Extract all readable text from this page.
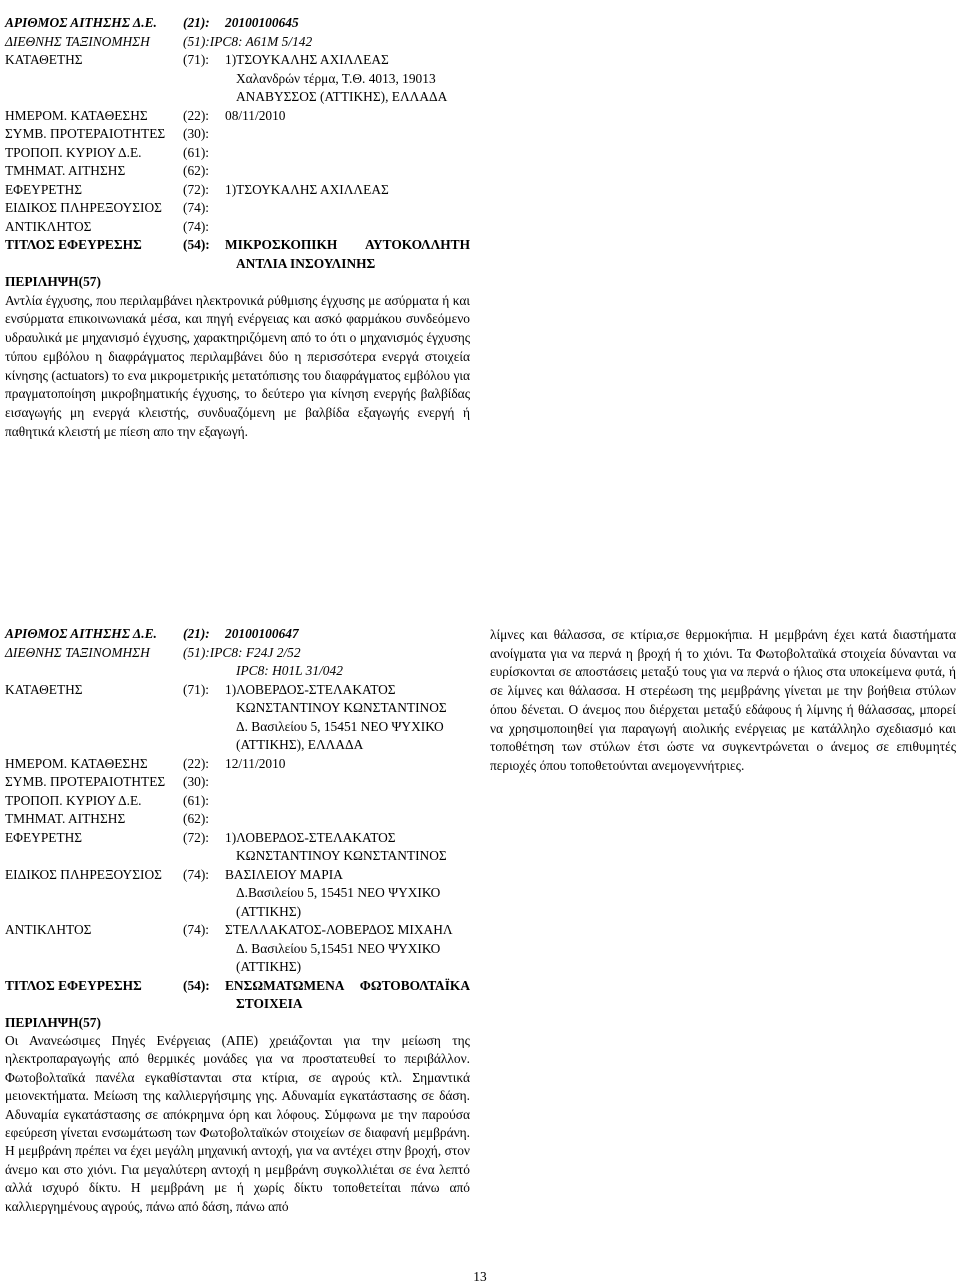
ΑΡΙΘΜΟΣ ΑΙΤΗΣΗΣ Δ.Ε. (21): 20100100645
ΔΙΕΘΝΗΣ ΤΑΞΙΝΟΜΗΣΗ (51):IPC8: A61M 5/142
ΚΑΤΑΘΕΤΗΣ	(71): 1)ΤΣΟΥΚΑΛΗΣ ΑΧΙΛΛΕΑΣ
Χαλανδρών τέρμα, Τ.Θ. 4013, 19013
ΑΝΑΒΥΣΣΟΣ (ΑΤΤΙΚΗΣ), ΕΛΛΑΔΑ
ΗΜΕΡΟΜ. ΚΑΤΑΘΕΣΗΣ	(22): 08/11/2010
ΣΥΜΒ. ΠΡΟΤΕΡΑΙΟΤΗΤΕΣ (30):
ΤΡΟΠΟΠ. ΚΥΡΙΟΥ Δ.Ε.	(61):
ΤΜΗΜΑΤ. ΑΙΤΗΣΗΣ	(62):
ΕΦΕΥΡΕΤΗΣ	(72): 1)ΤΣΟΥΚΑΛΗΣ ΑΧΙΛΛΕΑΣ
ΕΙΔΙΚΟΣ ΠΛΗΡΕΞΟΥΣΙΟΣ (74):
ΑΝΤΙΚΛΗΤΟΣ	(74):
ΤΙΤΛΟΣ ΕΦΕΥΡΕΣΗΣ	(54): ΜΙΚΡΟΣΚΟΠΙΚΗ ΑΥΤΟΚΟΛΛΗΤΗ
ΑΝΤΛΙΑ ΙΝΣΟΥΛΙΝΗΣ
ΠΕΡΙΛΗΨΗ(57)

Αντλία έγχυσης, που περιλαμβάνει ηλεκτρονικά ρύθμισης έγχυσης με ασύρματα ή και ενσύρματα επικοινωνιακά μέσα, και πηγή ενέργειας και ασκό φαρμάκου συνδεόμενο υδραυλικά με μηχανισμό έγχυσης, χαρακτηριζόμενη από το ότι ο μηχανισμός έγχυσης τύπου εμβόλου η διαφράγματος περιλαμβάνει δύο η περισσότερα ενεργά στοιχεία κίνησης (actuators) το ενα μικρομετρικής μετατόπισης του διαφράγματος εμβόλου για πραγματοποίηση μικροβηματικής έγχυσης, το δεύτερο για κίνηση ενεργής βαλβίδας εισαγωγής μη ενεργά κλειστής, συνδυαζόμενη με βαλβίδα εξαγωγής ενεργή ή παθητικά κλειστή με πίεση απο την εξαγωγή.

ΑΡΙΘΜΟΣ ΑΙΤΗΣΗΣ Δ.Ε. (21): 20100100647
ΔΙΕΘΝΗΣ ΤΑΞΙΝΟΜΗΣΗ (51):IPC8: F24J 2/52
IPC8: H01L 31/042
ΚΑΤΑΘΕΤΗΣ	(71): 1)ΛΟΒΕΡΔΟΣ-ΣΤΕΛΑΚΑΤΟΣ
ΚΩΝΣΤΑΝΤΙΝΟΥ ΚΩΝΣΤΑΝΤΙΝΟΣ
Δ. Βασιλείου 5, 15451 ΝΕΟ ΨΥΧΙΚΟ
(ΑΤΤΙΚΗΣ), ΕΛΛΑΔΑ
ΗΜΕΡΟΜ. ΚΑΤΑΘΕΣΗΣ	(22): 12/11/2010
ΣΥΜΒ. ΠΡΟΤΕΡΑΙΟΤΗΤΕΣ (30):
ΤΡΟΠΟΠ. ΚΥΡΙΟΥ Δ.Ε.	(61):
ΤΜΗΜΑΤ. ΑΙΤΗΣΗΣ	(62):
ΕΦΕΥΡΕΤΗΣ	(72): 1)ΛΟΒΕΡΔΟΣ-ΣΤΕΛΑΚΑΤΟΣ
ΚΩΝΣΤΑΝΤΙΝΟΥ ΚΩΝΣΤΑΝΤΙΝΟΣ
ΕΙΔΙΚΟΣ ΠΛΗΡΕΞΟΥΣΙΟΣ (74): ΒΑΣΙΛΕΙΟΥ ΜΑΡΙΑ
Δ.Βασιλείου 5, 15451 ΝΕΟ ΨΥΧΙΚΟ
(ΑΤΤΙΚΗΣ)
ΑΝΤΙΚΛΗΤΟΣ	(74): ΣΤΕΛΛΑΚΑΤΟΣ-ΛΟΒΕΡΔΟΣ ΜΙΧΑΗΛ
Δ. Βασιλείου 5,15451 ΝΕΟ ΨΥΧΙΚΟ
(ΑΤΤΙΚΗΣ)
ΤΙΤΛΟΣ ΕΦΕΥΡΕΣΗΣ	(54): ΕΝΣΩΜΑΤΩΜΕΝΑ ΦΩΤΟΒΟΛΤΑΪΚΑ
ΣΤΟΙΧΕΙΑ
ΠΕΡΙΛΗΨΗ(57)

Οι Ανανεώσιμες Πηγές Ενέργειας (ΑΠΕ) χρειάζονται για την μείωση της ηλεκτροπαραγωγής από θερμικές μονάδες για να προστατευθεί το περιβάλλον. Φωτοβολταϊκά πανέλα εγκαθίστανται στα κτίρια, σε αγρούς κτλ. Σημαντικά μειονεκτήματα. Μείωση της καλλιεργήσιμης γης. Αδυναμία εγκατάστασης σε δάση. Αδυναμία εγκατάστασης σε απόκρημνα όρη και λόφους. Σύμφωνα με την παρούσα εφεύρεση γίνεται ενσωμάτωση των Φωτοβολταϊκών στοιχείων σε διαφανή μεμβράνη. Η μεμβράνη πρέπει να έχει μεγάλη μηχανική αντοχή, για να αντέχει στην βροχή, στον άνεμο και στο χιόνι. Για μεγαλύτερη αντοχή η μεμβράνη συγκολλιέται σε ένα λεπτό αλλά ισχυρό δίκτυ. Η μεμβράνη με ή χωρίς δίκτυ τοποθετείται πάνω από καλλιεργημένους αγρούς, πάνω από δάση, πάνω από

λίμνες και θάλασσα, σε κτίρια,σε θερμοκήπια. Η μεμβράνη έχει κατά διαστήματα ανοίγματα για να περνά η βροχή ή το χιόνι. Τα Φωτοβολταϊκά στοιχεία δύνανται να ευρίσκονται σε αποστάσεις μεταξύ τους για να περνά ο ήλιος στα υποκείμενα φυτά, ή σε λίμνες και θάλασσα. Η στερέωση της μεμβράνης γίνεται με την βοήθεια στύλων όπου δένεται. Ο άνεμος που διέρχεται μεταξύ εδάφους ή λίμνης ή θάλασσας, μπορεί να χρησιμοποιηθεί για παραγωγή αιολικής ενέργειας με κατάλληλο σχεδιασμό και τοποθέτηση των στύλων έτσι ώστε να συγκεντρώνεται ο άνεμος σε επιθυμητές περιοχές όπου τοποθετούνται ανεμογεννήτριες.

13
